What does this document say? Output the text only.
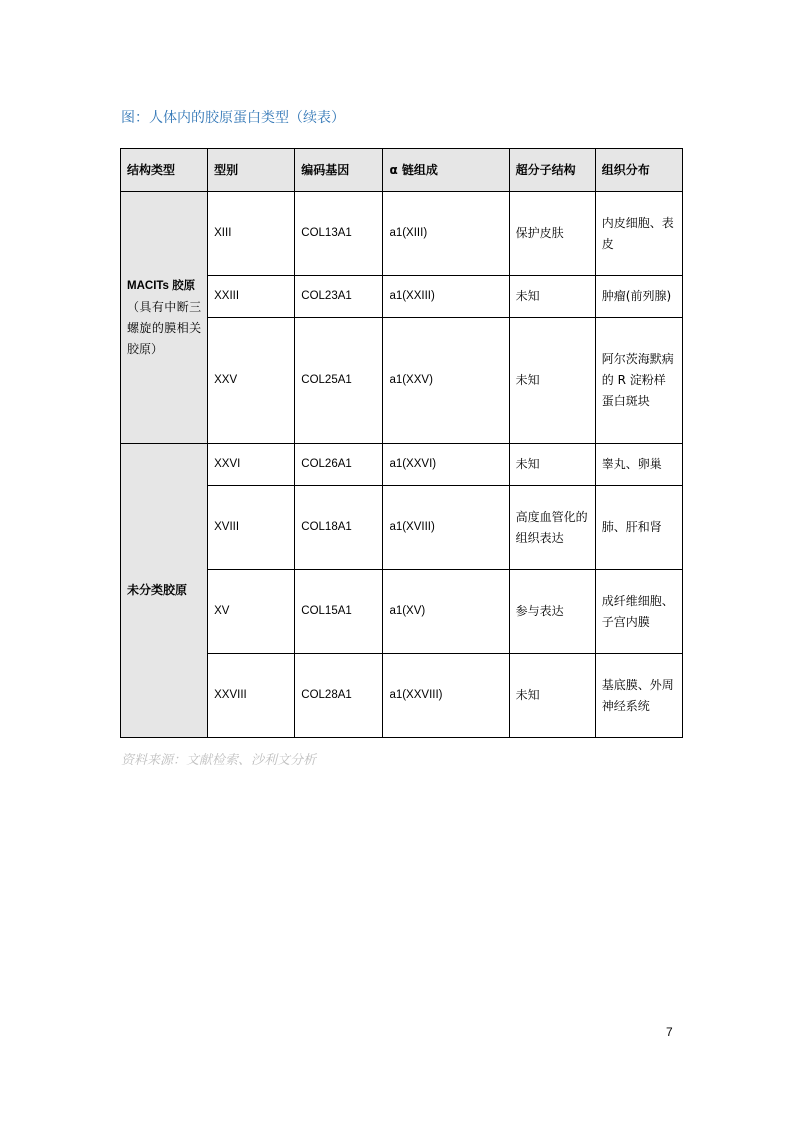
图：人体内的胶原蛋白类型（续表）
结构类型	型别	编码基因	α 链组成	超分子结构	组织分布
MACITs 胶原
（具有中断三螺旋的膜相关胶原）	XIII	COL13A1	a1(XIII)	保护皮肤	内皮细胞、表皮
	XXIII	COL23A1	a1(XXIII)	未知	肿瘤(前列腺)
	XXV	COL25A1	a1(XXV)	未知	阿尔茨海默病的 R 淀粉样蛋白斑块
未分类胶原	XXVI	COL26A1	a1(XXVI)	未知	睾丸、卵巢
	XVIII	COL18A1	a1(XVIII)	高度血管化的组织表达	肺、肝和肾
	XV	COL15A1	a1(XV)	参与表达	成纤维细胞、子宫内膜
	XXVIII	COL28A1	a1(XXVIII)	未知	基底膜、外周神经系统
资料来源：文献检索、沙利文分析
7
